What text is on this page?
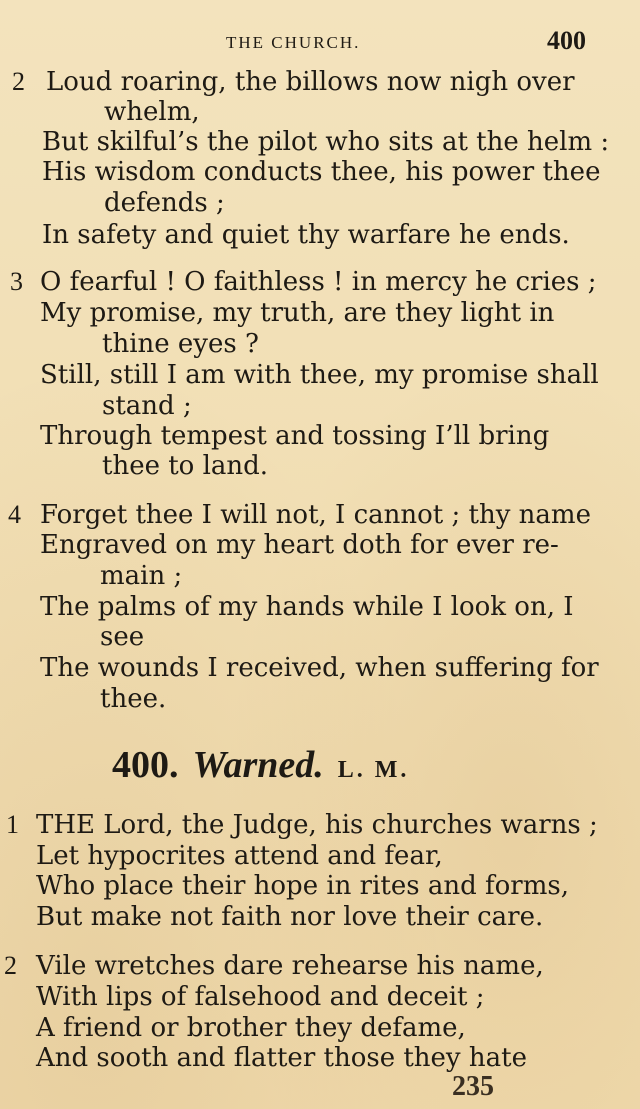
THE CHURCH.	400
2 Loud roaring, the billows now nigh over
whelm,
But skilful’s the pilot who sits at the helm :
His wisdom conducts thee, his power thee
defends ;
In safety and quiet thy warfare he ends.
3 O fearful ! O faithless ! in mercy he cries ;
My promise, my truth, are they light in
thine eyes ?
Still, still I am with thee, my promise shall
stand ;
Through tempest and tossing I’ll bring
thee to land.
4 Forget thee I will not, I cannot ; thy name
Engraved on my heart doth for ever re-
main ;
The palms of my hands while I look on, I
see
The wounds I received, when suffering for
thee.
400. Warned. L. M.
1 THE Lord, the Judge, his churches warns ;
Let hypocrites attend and fear,
Who place their hope in rites and forms,
But make not faith nor love their care.
2 Vile wretches dare rehearse his name,
With lips of falsehood and deceit ;
A friend or brother they defame,
And sooth and flatter those they hate
235
